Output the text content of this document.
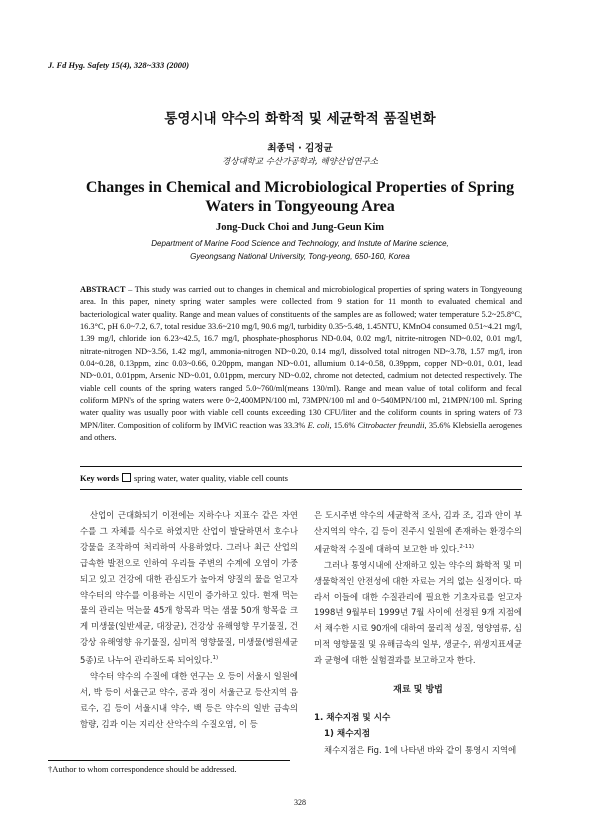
J. Fd Hyg. Safety 15(4), 328~333 (2000)
통영시내 약수의 화학적 및 세균학적 품질변화
최종덕 · 김정균
경상대학교 수산가공학과, 해양산업연구소
Changes in Chemical and Microbiological Properties of Spring
Waters in Tongyeoung Area
Jong-Duck Choi and Jung-Geun Kim
Department of Marine Food Science and Technology, and Instute of Marine science,
Gyeongsang National University, Tong-yeong, 650-160, Korea
ABSTRACT – This study was carried out to changes in chemical and microbiological properties of spring waters in Tongyeoung area. In this paper, ninety spring water samples were collected from 9 station for 11 month to evaluated chemical and bacteriological water quality. Range and mean values of constituents of the samples are as followed; water temperature 5.2~25.8°C, 16.3°C, pH 6.0~7.2, 6.7, total residue 33.6~210 mg/l, 90.6 mg/l, turbidity 0.35~5.48, 1.45NTU, KMnO4 consumed 0.51~4.21 mg/l, 1.39 mg/l, chloride ion 6.23~42.5, 16.7 mg/l, phosphate-phosphorus ND-0.04, 0.02 mg/l, nitrite-nitrogen ND~0.02, 0.01 mg/l, nitrate-nitrogen ND~3.56, 1.42 mg/l, ammonia-nitrogen ND~0.20, 0.14 mg/l, dissolved total nitrogen ND~3.78, 1.57 mg/l, iron 0.04~0.28, 0.13ppm, zinc 0.03~0.66, 0.20ppm, mangan ND~0.01, allumium 0.14~0.58, 0.39ppm, copper ND~0.01, 0.01, lead ND~0.01, 0.01ppm, Arsenic ND~0.01, 0.01ppm, mercury ND~0.02, chrome not detected, cadmium not detected respectively. The viable cell counts of the spring waters ranged 5.0~760/ml(means 130/ml). Range and mean value of total coliform and fecal coliform MPN's of the spring waters were 0~2,400MPN/100 ml, 73MPN/100 ml and 0~540MPN/100 ml, 21MPN/100 ml. Spring water quality was usually poor with viable cell counts exceeding 130 CFU/liter and the coliform counts in spring waters of 73 MPN/liter. Composition of coliform by IMViC reaction was 33.3% E. coli, 15.6% Citrobacter freundii, 35.6% Klebsiella aerogenes and others.
Key words spring water, water quality, viable cell counts

산업이 근대화되기 이전에는 지하수나 지표수 같은 자연수를 그 자체를 식수로 하였지만 산업이 발달하면서 호수나 강물을 조작하여 처리하여 사용하였다. 그러나 최근 산업의 급속한 발전으로 인하여 우리들 주변의 수계에 오염이 가중되고 있고 건강에 대한 관심도가 높아져 양질의 물을 얻고자 약수터의 약수를 이용하는 시민이 증가하고 있다. 현재 먹는물의 관리는 먹는물 45개 항목과 먹는 샘물 50개 항목을 크게 미생물(일반세균, 대장균), 건강상 유해영향 무기물질, 건강상 유해영향 유기물질, 심미적 영향물질, 미생물(병원세균 5종)로 나누어 관리하도록 되어있다.$^{1)}$

약수터 약수의 수질에 대한 연구는 오 등이 서울시 일원에서, 박 등이 서울근교 약수, 공과 정이 서울근교 등산지역 음료수, 김 등이 서울시내 약수, 백 등은 약수의 일반 금속의 함량, 김과 이는 지리산 산악수의 수질오염, 이 등

은 도시주변 약수의 세균학적 조사, 김과 조, 김과 안이 부산지역의 약수, 김 등이 진주시 일원에 존재하는 환경수의 세균학적 수질에 대하여 보고한 바 있다.$^{2-11)}$

그러나 통영시내에 산재하고 있는 약수의 화학적 및 미생물학적인 안전성에 대한 자료는 거의 없는 실정이다. 따라서 이들에 대한 수질관리에 필요한 기초자료를 얻고자 1998년 9월부터 1999년 7월 사이에 선정된 9개 지점에서 채수한 시료 90개에 대하여 물리적 성질, 영양염류, 심미적 영향물질 및 유해금속의 일부, 생균수, 위생지표세균과 균형에 대한 실험결과를 보고하고자 한다.

재료 및 방법
1. 채수지점 및 시수
1) 채수지점

채수지점은 Fig. 1에 나타낸 바와 같이 통영시 지역에

†Author to whom correspondence should be addressed.
328
